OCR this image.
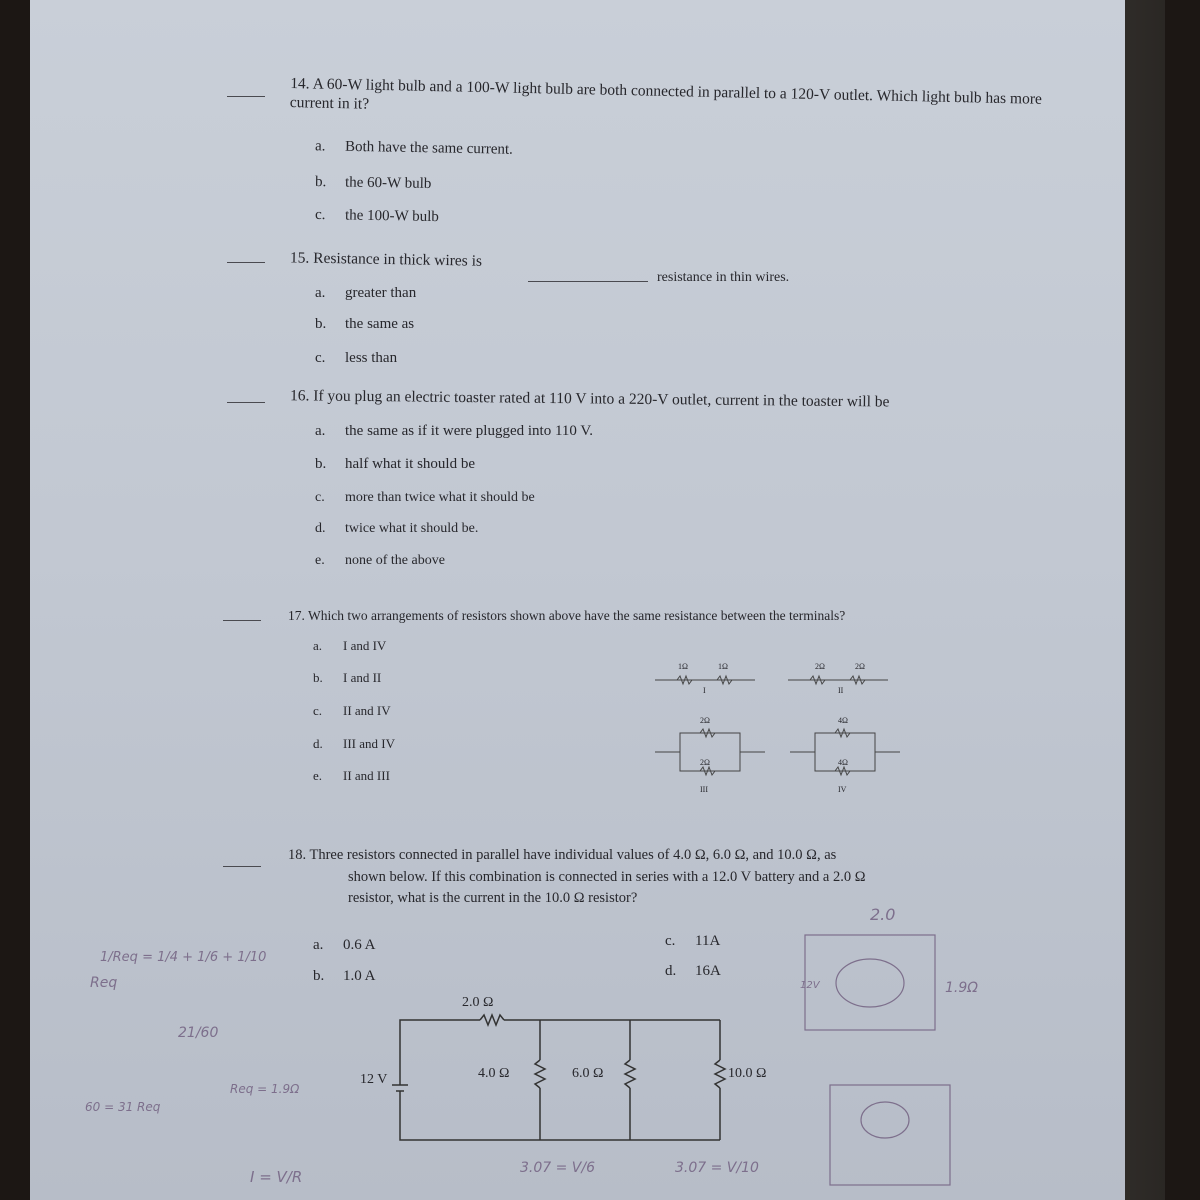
14. A 60-W light bulb and a 100-W light bulb are both connected in parallel to a 120-V outlet. Which light bulb has more current in it?
a. Both have the same current.
b. the 60-W bulb
c. the 100-W bulb
15. Resistance in thick wires is
resistance in thin wires.
a. greater than
b. the same as
c. less than
16. If you plug an electric toaster rated at 110 V into a 220-V outlet, current in the toaster will be
a. the same as if it were plugged into 110 V.
b. half what it should be
c. more than twice what it should be
d. twice what it should be.
e. none of the above
17. Which two arrangements of resistors shown above have the same resistance between the terminals?
a. I and IV
b. I and II
c. II and IV
d. III and IV
e. II and III
1Ω	1Ω
I
2Ω	2Ω
II
2Ω
2Ω
III
4Ω
4Ω
IV
18. Three resistors connected in parallel have individual values of 4.0 Ω, 6.0 Ω, and 10.0 Ω, as
shown below. If this combination is connected in series with a 12.0 V battery and a 2.0 Ω
resistor, what is the current in the 10.0 Ω resistor?
a. 0.6 A
b. 1.0 A
c. 11A
d. 16A
2.0 Ω
12 V	4.0 Ω	6.0 Ω	10.0 Ω
1/Req = 1/4 + 1/6 + 1/10
Req
21/60
60 = 31 Req
Req = 1.9Ω
I = V/R	3.07 = V/6	3.07 = V/10
2.0
1.9Ω
12V
